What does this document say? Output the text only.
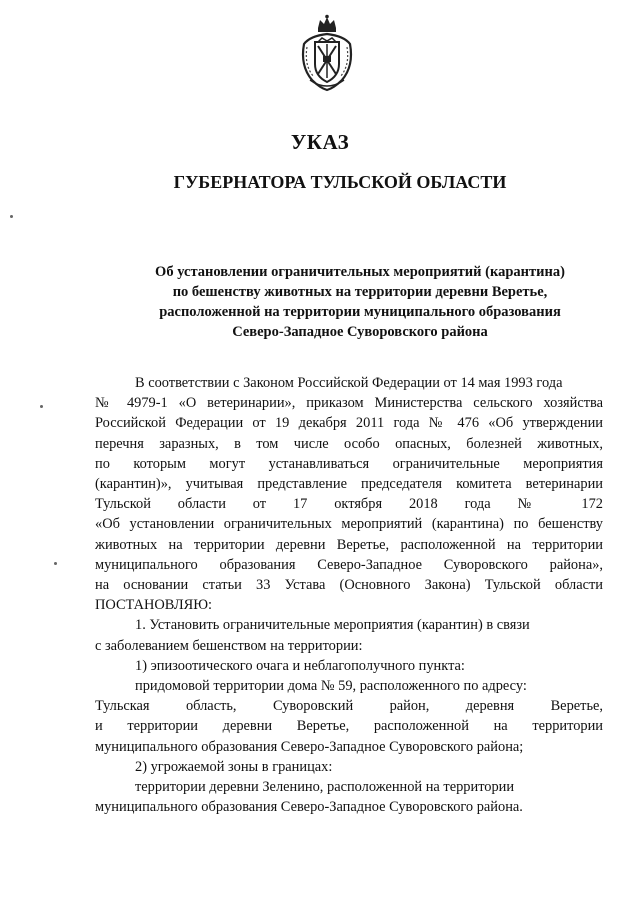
УКАЗ
ГУБЕРНАТОРА ТУЛЬСКОЙ ОБЛАСТИ
Об установлении ограничительных мероприятий (карантина)
по бешенству животных на территории деревни Веретье,
расположенной на территории муниципального образования
Северо-Западное Суворовского района
В соответствии с Законом Российской Федерации от 14 мая 1993 года
№ 4979-1 «О ветеринарии», приказом Министерства сельского хозяйства
Российской Федерации от 19 декабря 2011 года № 476 «Об утверждении
перечня заразных, в том числе особо опасных, болезней животных,
по которым могут устанавливаться ограничительные мероприятия
(карантин)», учитывая представление председателя комитета ветеринарии
Тульской области от 17 октября 2018 года № 172
«Об установлении ограничительных мероприятий (карантина) по бешенству
животных на территории деревни Веретье, расположенной на территории
муниципального образования Северо-Западное Суворовского района»,
на основании статьи 33 Устава (Основного Закона) Тульской области
ПОСТАНОВЛЯЮ:
1. Установить ограничительные мероприятия (карантин) в связи
с заболеванием бешенством на территории:
1) эпизоотического очага и неблагополучного пункта:
придомовой территории дома № 59, расположенного по адресу:
Тульская область, Суворовский район, деревня Веретье,
и территории деревни Веретье, расположенной на территории
муниципального образования Северо-Западное Суворовского района;
2) угрожаемой зоны в границах:
территории деревни Зеленино, расположенной на территории
муниципального образования Северо-Западное Суворовского района.
